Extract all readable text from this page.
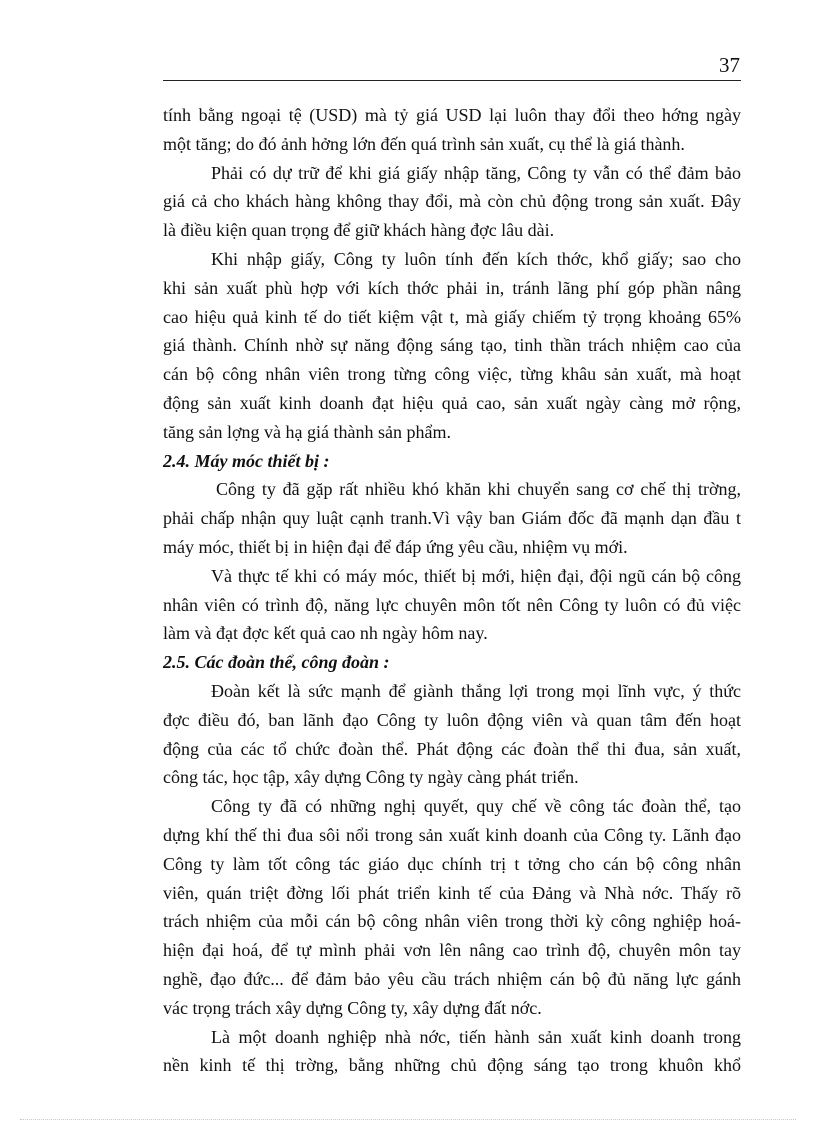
37
tính bằng ngoại tệ (USD) mà tỷ giá USD lại luôn thay đổi theo hớng ngày
một tăng; do đó ảnh hởng lớn đến quá trình sản xuất, cụ thể là giá thành.
Phải có dự trữ để khi giá giấy nhập tăng, Công ty vẫn có thể đảm bảo
giá cả cho khách hàng không thay đổi, mà còn chủ động trong sản xuất. Đây
là điều kiện quan trọng để giữ khách hàng đợc lâu dài.
Khi nhập giấy, Công ty luôn tính đến kích thớc, khổ giấy; sao cho
khi sản xuất phù hợp với kích thớc phải in, tránh lãng phí góp phần nâng
cao hiệu quả kinh tế do tiết kiệm vật t, mà giấy chiếm tỷ trọng khoảng 65%
giá thành. Chính nhờ sự năng động sáng tạo, tinh thần trách nhiệm cao của
cán bộ công nhân viên trong từng công việc, từng khâu sản xuất, mà hoạt
động sản xuất kinh doanh đạt hiệu quả cao, sản xuất ngày càng mở rộng,
tăng sản lợng và hạ giá thành sản phẩm.
2.4. Máy móc thiết bị :
Công ty đã gặp rất nhiều khó khăn khi chuyển sang cơ chế thị trờng,
phải chấp nhận quy luật cạnh tranh.Vì vậy ban Giám đốc đã mạnh dạn đầu t
máy móc, thiết bị in hiện đại để đáp ứng yêu cầu, nhiệm vụ mới.
Và thực tế khi có máy móc, thiết bị mới, hiện đại, đội ngũ cán bộ công
nhân viên có trình độ, năng lực chuyên môn tốt nên Công ty luôn có đủ việc
làm và đạt đợc kết quả cao nh ngày hôm nay.
2.5. Các đoàn thể, công đoàn :
Đoàn kết là sức mạnh để giành thắng lợi trong mọi lĩnh vực, ý thức
đợc điều đó, ban lãnh đạo Công ty luôn động viên và quan tâm đến hoạt
động của các tổ chức đoàn thể. Phát động các đoàn thể thi đua, sản xuất,
công tác, học tập, xây dựng Công ty ngày càng phát triển.
Công ty đã có những nghị quyết, quy chế về công tác đoàn thể, tạo
dựng khí thế thi đua sôi nổi trong sản xuất kinh doanh của Công ty. Lãnh đạo
Công ty làm tốt công tác giáo dục chính trị t tởng cho cán bộ công nhân
viên, quán triệt đờng lối phát triển kinh tế của Đảng và Nhà nớc. Thấy rõ
trách nhiệm của mỗi cán bộ công nhân viên trong thời kỳ công nghiệp hoá-
hiện đại hoá, để tự mình phải vơn lên nâng cao trình độ, chuyên môn tay
nghề, đạo đức... để đảm bảo yêu cầu trách nhiệm cán bộ đủ năng lực gánh
vác trọng trách xây dựng Công ty, xây dựng đất nớc.
Là một doanh nghiệp nhà nớc, tiến hành sản xuất kinh doanh trong
nền kinh tế thị trờng, bằng những chủ động sáng tạo trong khuôn khổ
